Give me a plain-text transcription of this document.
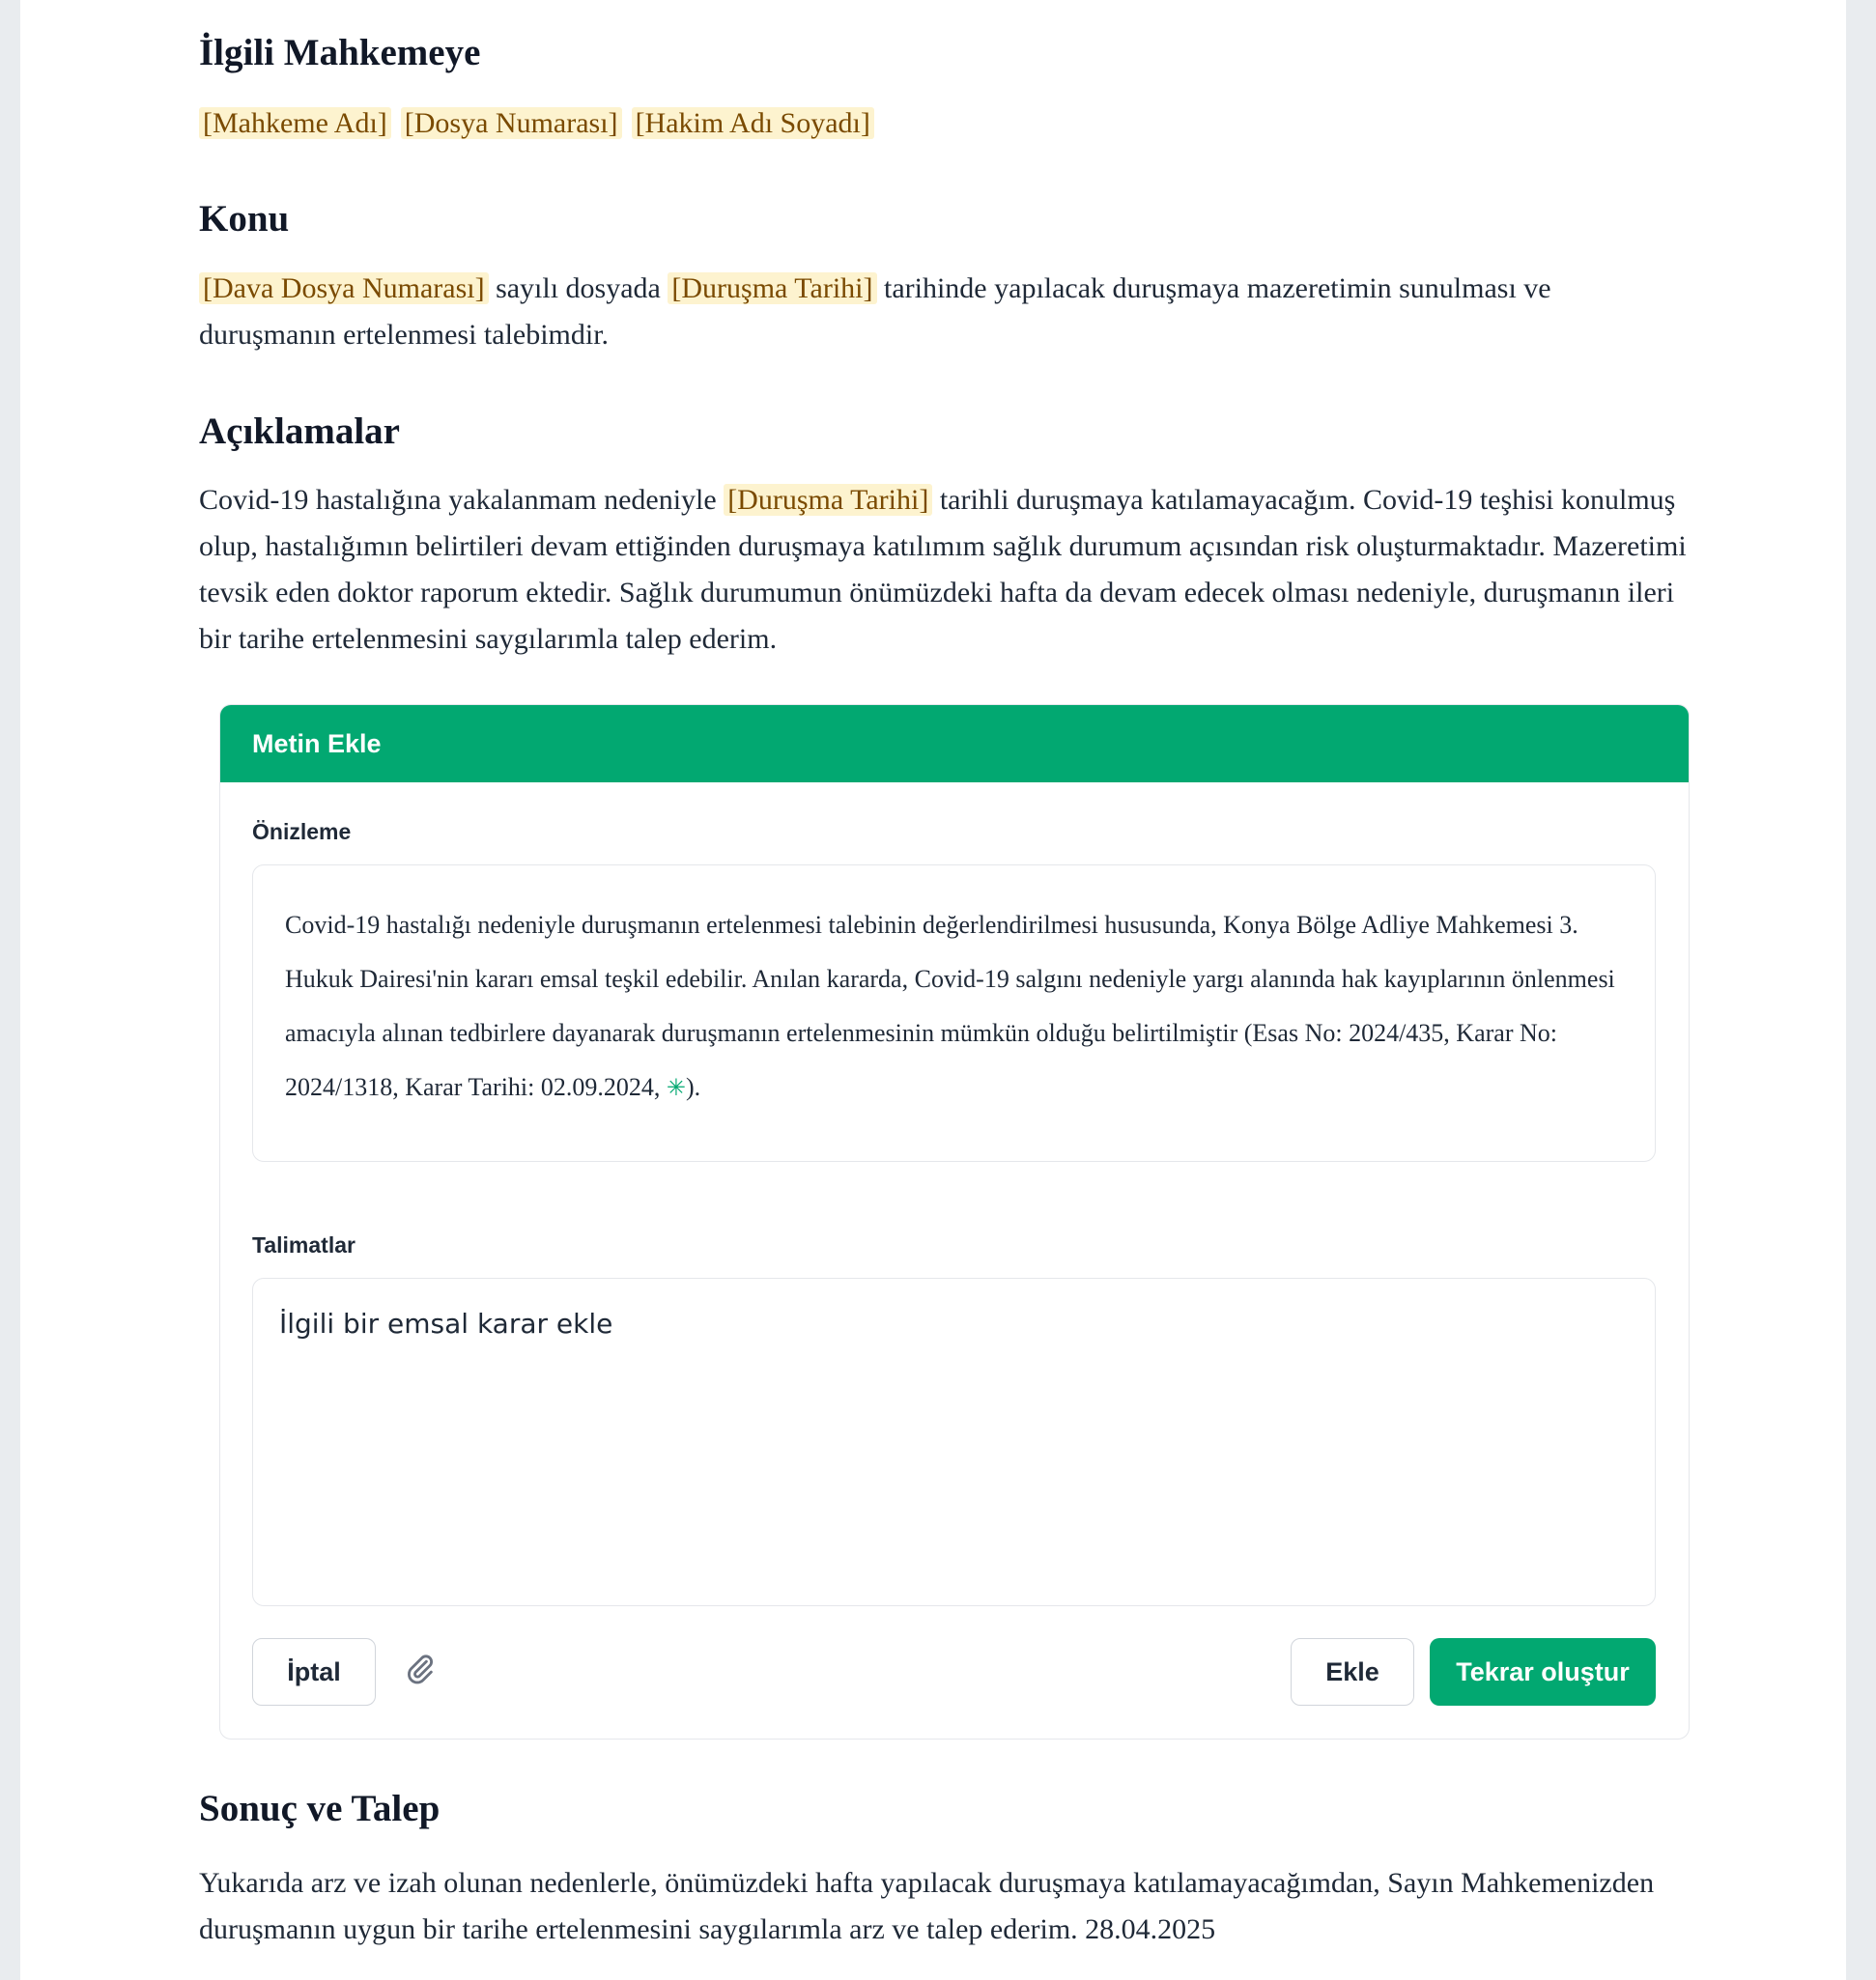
İlgili Mahkemeye
[Mahkeme Adı] [Dosya Numarası] [Hakim Adı Soyadı]
Konu
[Dava Dosya Numarası] sayılı dosyada [Duruşma Tarihi] tarihinde yapılacak duruşmaya mazeretimin sunulması ve duruşmanın ertelenmesi talebimdir.
Açıklamalar
Covid-19 hastalığına yakalanmam nedeniyle [Duruşma Tarihi] tarihli duruşmaya katılamayacağım. Covid-19 teşhisi konulmuş olup, hastalığımın belirtileri devam ettiğinden duruşmaya katılımım sağlık durumum açısından risk oluşturmaktadır. Mazeretimi tevsik eden doktor raporum ektedir. Sağlık durumumun önümüzdeki hafta da devam edecek olması nedeniyle, duruşmanın ileri bir tarihe ertelenmesini saygılarımla talep ederim.
Sonuç ve Talep
Yukarıda arz ve izah olunan nedenlerle, önümüzdeki hafta yapılacak duruşmaya katılamayacağımdan, Sayın Mahkemenizden duruşmanın uygun bir tarihe ertelenmesini saygılarımla arz ve talep ederim. 28.04.2025
Metin Ekle
Önizleme
Covid-19 hastalığı nedeniyle duruşmanın ertelenmesi talebinin değerlendirilmesi hususunda, Konya Bölge Adliye Mahkemesi 3. Hukuk Dairesi'nin kararı emsal teşkil edebilir. Anılan kararda, Covid-19 salgını nedeniyle yargı alanında hak kayıplarının önlenmesi amacıyla alınan tedbirlere dayanarak duruşmanın ertelenmesinin mümkün olduğu belirtilmiştir (Esas No: 2024/435, Karar No: 2024/1318, Karar Tarihi: 02.09.2024, ✳).
Talimatlar
İlgili bir emsal karar ekle
İptal	Ekle	Tekrar oluştur
